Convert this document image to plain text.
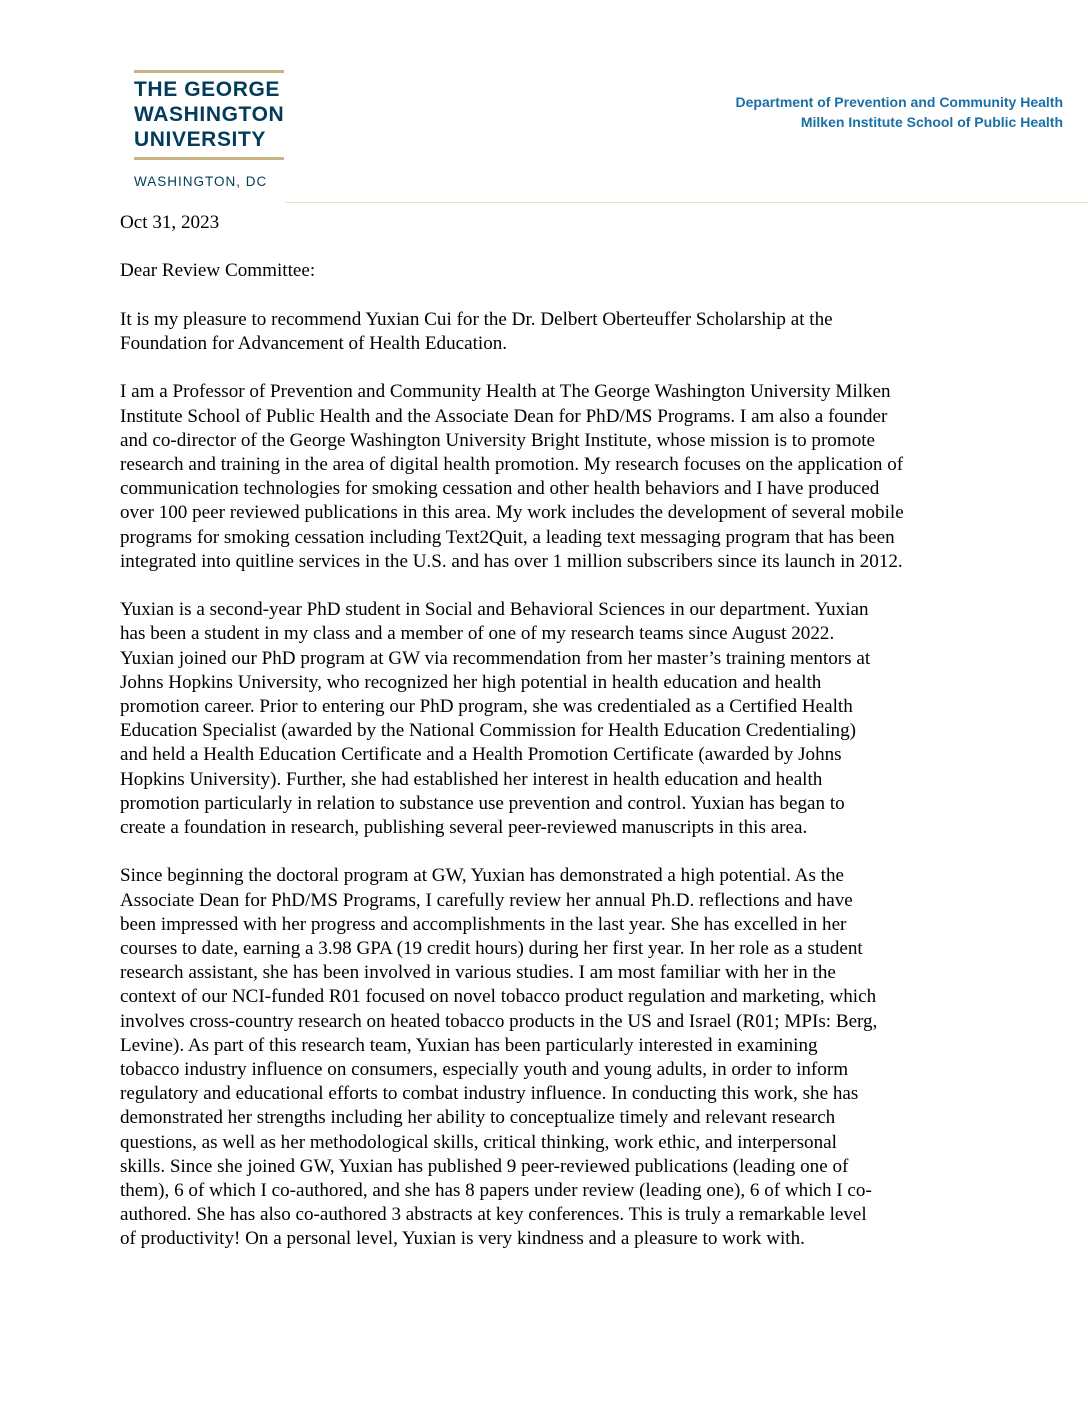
THE GEORGE
WASHINGTON
UNIVERSITY
WASHINGTON, DC
Department of Prevention and Community Health
Milken Institute School of Public Health

Oct 31, 2023

Dear Review Committee:

It is my pleasure to recommend Yuxian Cui for the Dr. Delbert Oberteuffer Scholarship at the
Foundation for Advancement of Health Education.

I am a Professor of Prevention and Community Health at The George Washington University Milken
Institute School of Public Health and the Associate Dean for PhD/MS Programs. I am also a founder
and co-director of the George Washington University Bright Institute, whose mission is to promote
research and training in the area of digital health promotion. My research focuses on the application of
communication technologies for smoking cessation and other health behaviors and I have produced
over 100 peer reviewed publications in this area. My work includes the development of several mobile
programs for smoking cessation including Text2Quit, a leading text messaging program that has been
integrated into quitline services in the U.S. and has over 1 million subscribers since its launch in 2012.

Yuxian is a second-year PhD student in Social and Behavioral Sciences in our department. Yuxian
has been a student in my class and a member of one of my research teams since August 2022.
Yuxian joined our PhD program at GW via recommendation from her master’s training mentors at
Johns Hopkins University, who recognized her high potential in health education and health
promotion career. Prior to entering our PhD program, she was credentialed as a Certified Health
Education Specialist (awarded by the National Commission for Health Education Credentialing)
and held a Health Education Certificate and a Health Promotion Certificate (awarded by Johns
Hopkins University). Further, she had established her interest in health education and health
promotion particularly in relation to substance use prevention and control. Yuxian has began to
create a foundation in research, publishing several peer-reviewed manuscripts in this area.

Since beginning the doctoral program at GW, Yuxian has demonstrated a high potential. As the
Associate Dean for PhD/MS Programs, I carefully review her annual Ph.D. reflections and have
been impressed with her progress and accomplishments in the last year. She has excelled in her
courses to date, earning a 3.98 GPA (19 credit hours) during her first year. In her role as a student
research assistant, she has been involved in various studies. I am most familiar with her in the
context of our NCI-funded R01 focused on novel tobacco product regulation and marketing, which
involves cross-country research on heated tobacco products in the US and Israel (R01; MPIs: Berg,
Levine). As part of this research team, Yuxian has been particularly interested in examining
tobacco industry influence on consumers, especially youth and young adults, in order to inform
regulatory and educational efforts to combat industry influence. In conducting this work, she has
demonstrated her strengths including her ability to conceptualize timely and relevant research
questions, as well as her methodological skills, critical thinking, work ethic, and interpersonal
skills. Since she joined GW, Yuxian has published 9 peer-reviewed publications (leading one of
them), 6 of which I co-authored, and she has 8 papers under review (leading one), 6 of which I co-
authored. She has also co-authored 3 abstracts at key conferences. This is truly a remarkable level
of productivity! On a personal level, Yuxian is very kindness and a pleasure to work with.
